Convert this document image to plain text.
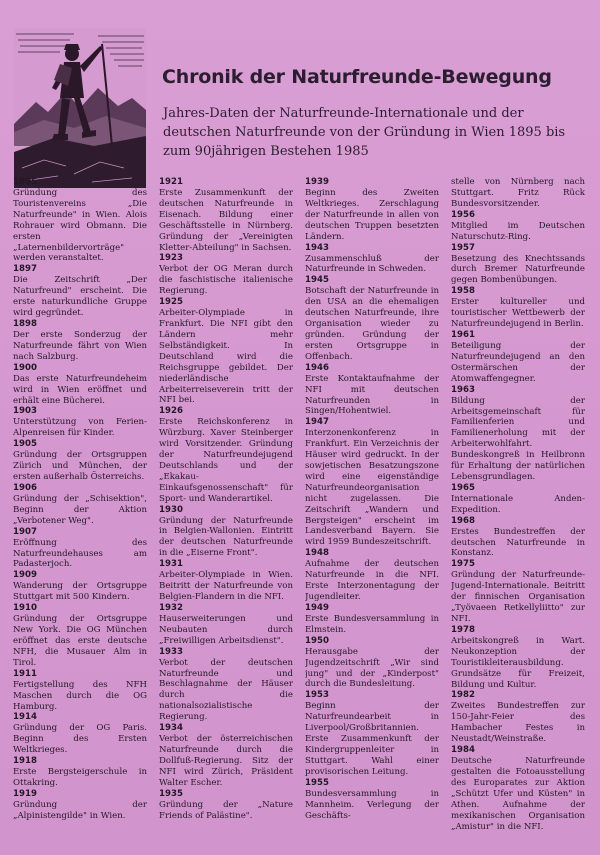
Chronik der Naturfreunde-Bewegung
Jahres-Daten der Naturfreunde-Internationale und der deutschen Naturfreunde von der Gründung in Wien 1895 bis zum 90jährigen Bestehen 1985
1895
Gründung des Touristenvereins „Die Naturfreunde" in Wien. Alois Rohrauer wird Obmann. Die ersten „Laternenbildervorträge" werden veranstaltet.
1897
Die Zeitschrift „Der Naturfreund" erscheint. Die erste naturkundliche Gruppe wird gegründet.
1898
Der erste Sonderzug der Naturfreunde fährt von Wien nach Salzburg.
1900
Das erste Naturfreundeheim wird in Wien eröffnet und erhält eine Bücherei.
1903
Unterstützung von Ferien-Alpenreisen für Kinder.
1905
Gründung der Ortsgruppen Zürich und München, der ersten außerhalb Österreichs.
1906
Gründung der „Schisektion", Beginn der Aktion „Verbotener Weg".
1907
Eröffnung des Naturfreundehauses am Padasterjoch.
1909
Wanderung der Ortsgruppe Stuttgart mit 500 Kindern.
1910
Gründung der Ortsgruppe New York. Die OG München eröffnet das erste deutsche NFH, die Musauer Alm in Tirol.
1911
Fertigstellung des NFH Maschen durch die OG Hamburg.
1914
Gründung der OG Paris. Beginn des Ersten Weltkrieges.
1918
Erste Bergsteigerschule in Ottakring.
1919
Gründung der „Alpinistengilde" in Wien.
1921
Erste Zusammenkunft der deutschen Naturfreunde in Eisenach. Bildung einer Geschäftsstelle in Nürnberg. Gründung der „Vereinigten Kletter-Abteilung" in Sachsen.
1923
Verbot der OG Meran durch die faschistische italienische Regierung.
1925
Arbeiter-Olympiade in Frankfurt. Die NFI gibt den Ländern mehr Selbständigkeit. In Deutschland wird die Reichsgruppe gebildet. Der niederländische Arbeiterreiseverein tritt der NFI bei.
1926
Erste Reichskonferenz in Würzburg. Xaver Steinberger wird Vorsitzender. Gründung der Naturfreundejugend Deutschlands und der „Ekakau-Einkaufsgenossenschaft" für Sport- und Wanderartikel.
1930
Gründung der Naturfreunde in Belgien-Wallonien. Eintritt der deutschen Naturfreunde in die „Eiserne Front".
1931
Arbeiter-Olympiade in Wien. Beitritt der Naturfreunde von Belgien-Flandern in die NFI.
1932
Hauserweiterungen und Neubauten durch „Freiwilligen Arbeitsdienst".
1933
Verbot der deutschen Naturfreunde und Beschlagnahme der Häuser durch die nationalsozialistische Regierung.
1934
Verbot der österreichischen Naturfreunde durch die Dollfuß-Regierung. Sitz der NFI wird Zürich, Präsident Walter Escher.
1935
Gründung der „Nature Friends of Palästine".
1939
Beginn des Zweiten Weltkrieges. Zerschlagung der Naturfreunde in allen von deutschen Truppen besetzten Ländern.
1943
Zusammenschluß der Naturfreunde in Schweden.
1945
Botschaft der Naturfreunde in den USA an die ehemaligen deutschen Naturfreunde, ihre Organisation wieder zu gründen. Gründung der ersten Ortsgruppe in Offenbach.
1946
Erste Kontaktaufnahme der NFI mit deutschen Naturfreunden in Singen/Hohentwiel.
1947
Interzonenkonferenz in Frankfurt. Ein Verzeichnis der Häuser wird gedruckt. In der sowjetischen Besatzungszone wird eine eigenständige Naturfreundeorganisation nicht zugelassen. Die Zeitschrift „Wandern und Bergsteigen" erscheint im Landesverband Bayern. Sie wird 1959 Bundeszeitschrift.
1948
Aufnahme der deutschen Naturfreunde in die NFI. Erste Interzonentagung der Jugendleiter.
1949
Erste Bundesversammlung in Elmstein.
1950
Herausgabe der Jugendzeitschrift „Wir sind jung" und der „Kinderpost" durch die Bundesleitung.
1953
Beginn der Naturfreundearbeit in Liverpool/Großbritannien. Erste Zusammenkunft der Kindergruppenleiter in Stuttgart. Wahl einer provisorischen Leitung.
1955
Bundesversammlung in Mannheim. Verlegung der Geschäfts-
stelle von Nürnberg nach Stuttgart. Fritz Rück Bundesvorsitzender.
1956
Mitglied im Deutschen Naturschutz-Ring.
1957
Besetzung des Knechtssands durch Bremer Naturfreunde gegen Bombenübungen.
1958
Erster kultureller und touristischer Wettbewerb der Naturfreundejugend in Berlin.
1961
Beteiligung der Naturfreundejugend an den Ostermärschen der Atomwaffengegner.
1963
Bildung der Arbeitsgemeinschaft für Familienferien und Familienerholung mit der Arbeiterwohlfahrt. Bundeskongreß in Heilbronn für Erhaltung der natürlichen Lebensgrundlagen.
1965
Internationale Anden-Expedition.
1968
Erstes Bundestreffen der deutschen Naturfreunde in Konstanz.
1975
Gründung der Naturfreunde-Jugend-Internationale. Beitritt der finnischen Organisation „Työvaeen Retkellyliitto" zur NFI.
1978
Arbeitskongreß in Wart. Neukonzeption der Touristikleiterausbildung. Grundsätze für Freizeit, Bildung und Kultur.
1982
Zweites Bundestreffen zur 150-Jahr-Feier des Hambacher Festes in Neustadt/Weinstraße.
1984
Deutsche Naturfreunde gestalten die Fotoausstellung des Europarates zur Aktion „Schützt Ufer und Küsten" in Athen. Aufnahme der mexikanischen Organisation „Amistur" in die NFI.
